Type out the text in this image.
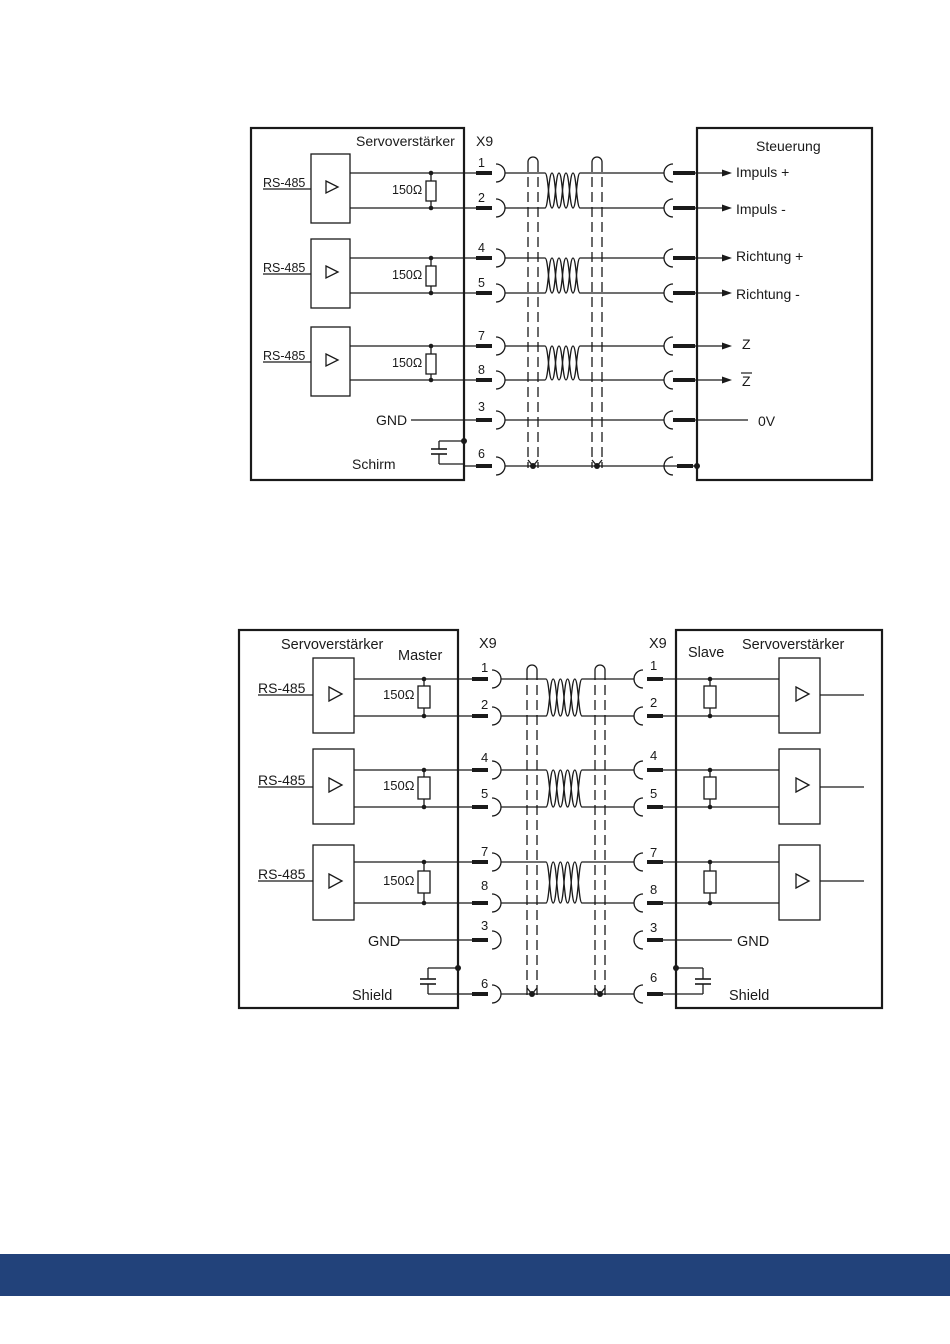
Servoverstärker X9	Steuerung
RS-485
RS-485
RS-485
150Ω
150Ω
150Ω
1
2
4
5
7
8
3
6
GND
Schirm
Impuls +
Impuls -
Richtung +
Richtung -
Z
Z
0V
Servoverstärker
Master
X9	X9
Slave Servoverstärker
RS-485
RS-485
RS-485
150Ω
150Ω
150Ω
1
2
4
5
7
8
3
6
1
2
4
5
7
8
3
6
GND	GND
Shield	Shield
